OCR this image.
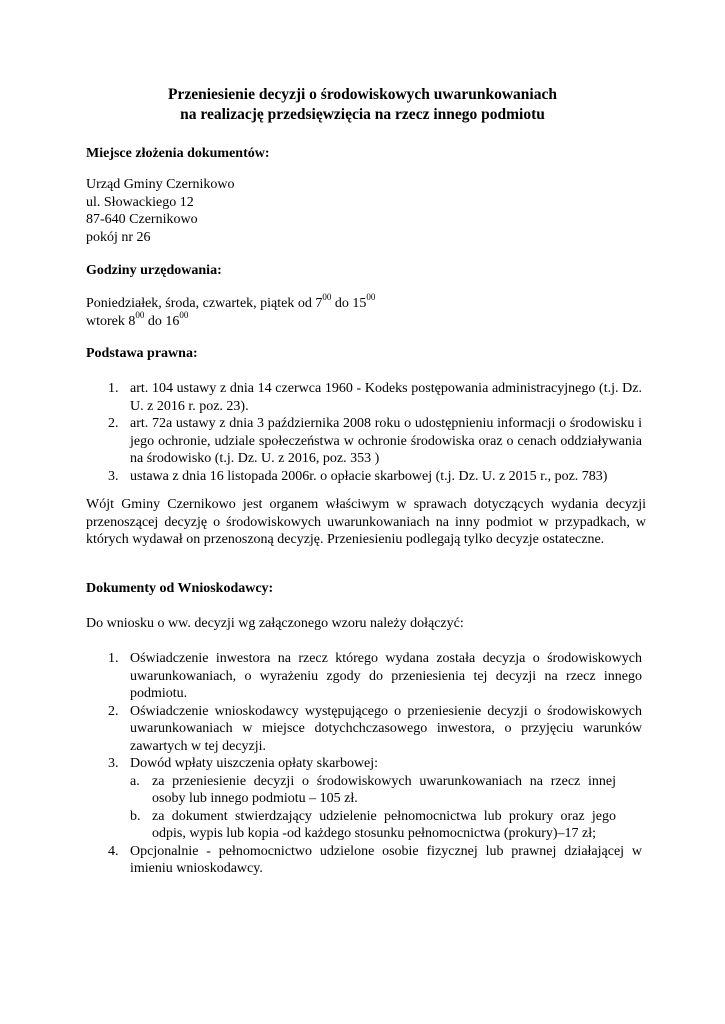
Przeniesienie decyzji o środowiskowych uwarunkowaniach
na realizację przedsięwzięcia na rzecz innego podmiotu
Miejsce złożenia dokumentów:
Urząd Gminy Czernikowo
ul. Słowackiego 12
87-640 Czernikowo
pokój nr 26
Godziny urzędowania:
Poniedziałek, środa, czwartek, piątek od $7^{00}$ do $15^{00}$
wtorek $8^{00}$ do $16^{00}$
Podstawa prawna:
1. art. 104 ustawy z dnia 14 czerwca 1960 - Kodeks postępowania administracyjnego (t.j. Dz. U. z 2016 r. poz. 23).
2. art. 72a ustawy z dnia 3 października 2008 roku o udostępnieniu informacji o środowisku i jego ochronie, udziale społeczeństwa w ochronie środowiska oraz o cenach oddziaływania na środowisko (t.j. Dz. U. z 2016, poz. 353 )
3. ustawa z dnia 16 listopada 2006r. o opłacie skarbowej (t.j. Dz. U. z 2015 r., poz. 783)
Wójt Gminy Czernikowo jest organem właściwym w sprawach dotyczących wydania decyzji przenoszącej decyzję o środowiskowych uwarunkowaniach na inny podmiot w przypadkach, w których wydawał on przenoszoną decyzję. Przeniesieniu podlegają tylko decyzje ostateczne.
Dokumenty od Wnioskodawcy:
Do wniosku o ww. decyzji wg załączonego wzoru należy dołączyć:
1. Oświadczenie inwestora na rzecz którego wydana została decyzja o środowiskowych uwarunkowaniach, o wyrażeniu zgody do przeniesienia tej decyzji na rzecz innego podmiotu.
2. Oświadczenie wnioskodawcy występującego o przeniesienie decyzji o środowiskowych uwarunkowaniach w miejsce dotychchczasowego inwestora, o przyjęciu warunków zawartych w tej decyzji.
3. Dowód wpłaty uiszczenia opłaty skarbowej:
a. za przeniesienie decyzji o środowiskowych uwarunkowaniach na rzecz innej osoby lub innego podmiotu – 105 zł.
b. za dokument stwierdzający udzielenie pełnomocnictwa lub prokury oraz jego odpis, wypis lub kopia -od każdego stosunku pełnomocnictwa (prokury)–17 zł;
4. Opcjonalnie - pełnomocnictwo udzielone osobie fizycznej lub prawnej działającej w imieniu wnioskodawcy.
